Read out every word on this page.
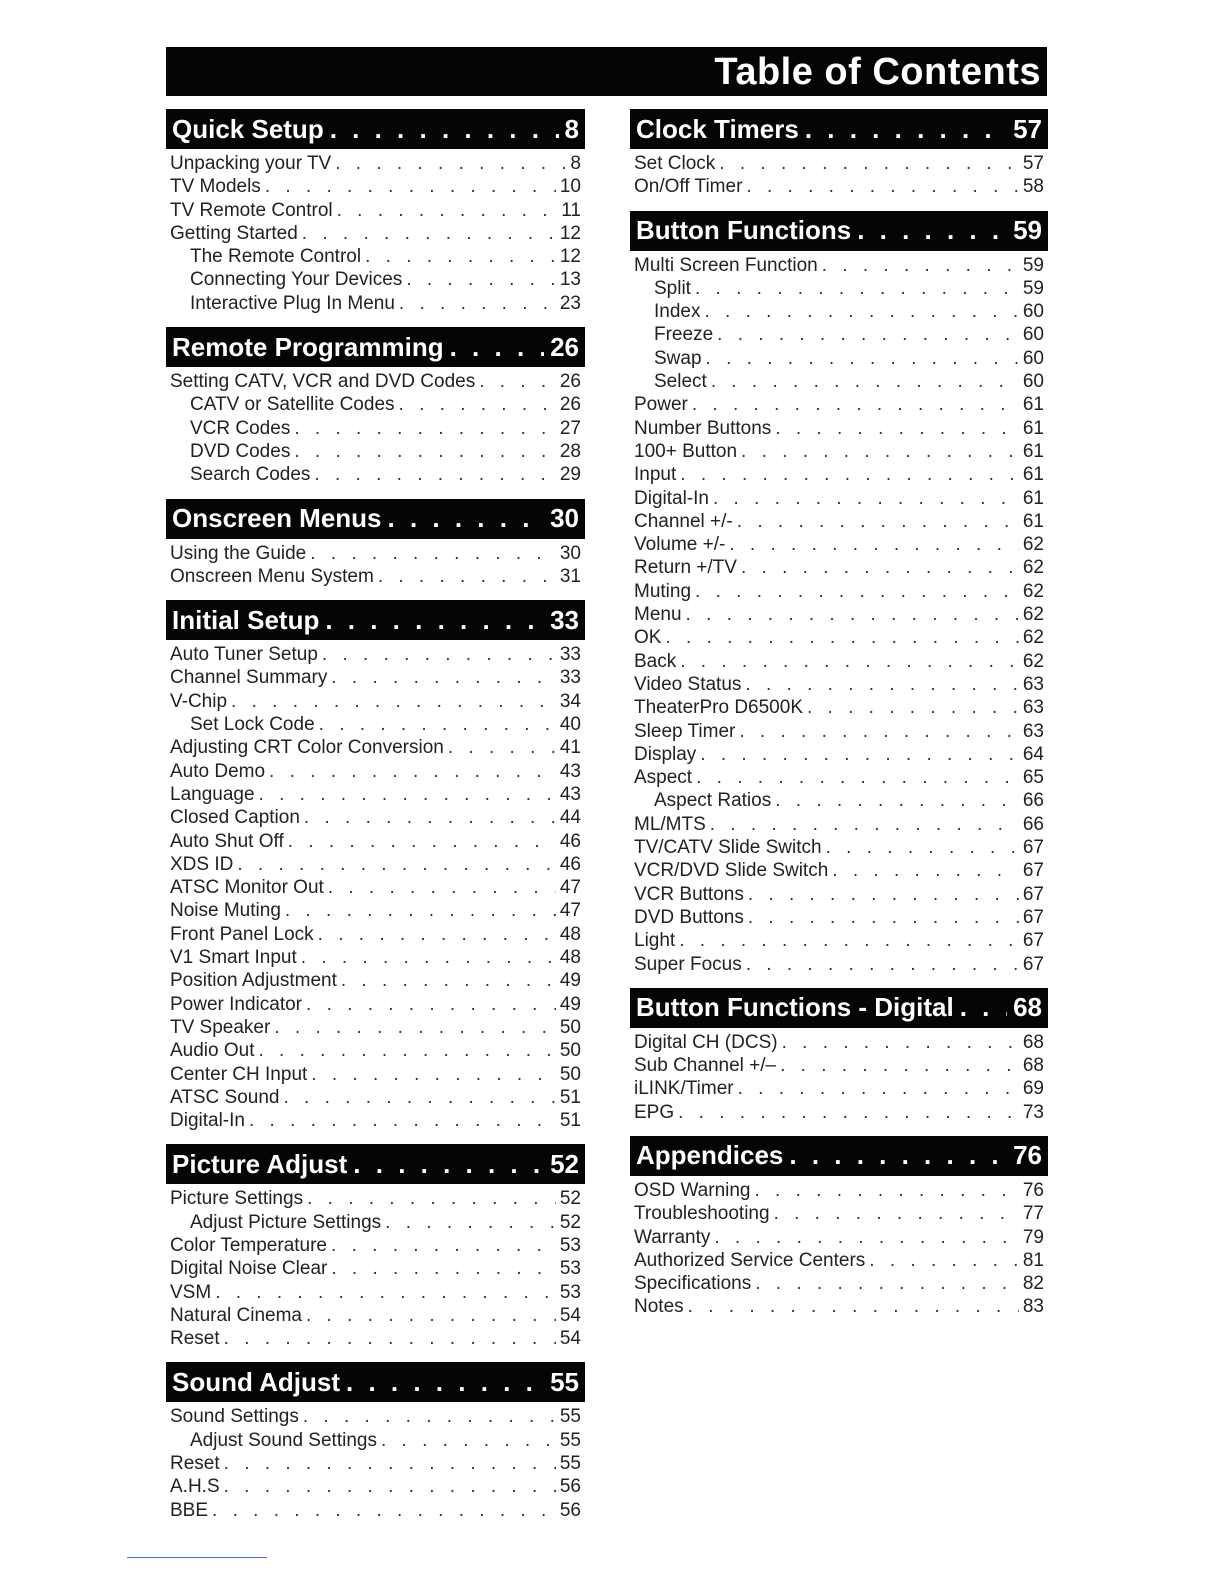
Table of Contents
Quick Setup . . .	8
Unpacking your TV . . .	8
TV Models . . .	10
TV Remote Control . . .	11
Getting Started . . .	12
The Remote Control . . .	12
Connecting Your Devices . . .	13
Interactive Plug In Menu . . .	23
Remote Programming . . .	26
Setting CATV, VCR and DVD Codes . . .	26
CATV or Satellite Codes . . .	26
VCR Codes . . .	27
DVD Codes . . .	28
Search Codes . . .	29
Onscreen Menus . . .	30
Using the Guide . . .	30
Onscreen Menu System . . .	31
Initial Setup . . .	33
Auto Tuner Setup . . .	33
Channel Summary . . .	33
V-Chip . . .	34
Set Lock Code . . .	40
Adjusting CRT Color Conversion . . .	41
Auto Demo . . .	43
Language . . .	43
Closed Caption . . .	44
Auto Shut Off . . .	46
XDS ID . . .	46
ATSC Monitor Out . . .	47
Noise Muting . . .	47
Front Panel Lock . . .	48
V1 Smart Input . . .	48
Position Adjustment . . .	49
Power Indicator . . .	49
TV Speaker . . .	50
Audio Out . . .	50
Center CH Input . . .	50
ATSC Sound . . .	51
Digital-In . . .	51
Picture Adjust . . .	52
Picture Settings . . .	52
Adjust Picture Settings . . .	52
Color Temperature . . .	53
Digital Noise Clear . . .	53
VSM . . .	53
Natural Cinema . . .	54
Reset . . .	54
Sound Adjust . . .	55
Sound Settings . . .	55
Adjust Sound Settings . . .	55
Reset . . .	55
A.H.S . . .	56
BBE . . .	56
Clock Timers . . .	57
Set Clock . . .	57
On/Off Timer . . .	58
Button Functions . . .	59
Multi Screen Function . . .	59
Split . . .	59
Index . . .	60
Freeze . . .	60
Swap . . .	60
Select . . .	60
Power . . .	61
Number Buttons . . .	61
100+ Button . . .	61
Input . . .	61
Digital-In . . .	61
Channel +/- . . .	61
Volume +/- . . .	62
Return +/TV . . .	62
Muting . . .	62
Menu . . .	62
OK . . .	62
Back . . .	62
Video Status . . .	63
TheaterPro D6500K . . .	63
Sleep Timer . . .	63
Display . . .	64
Aspect . . .	65
Aspect Ratios . . .	66
ML/MTS . . .	66
TV/CATV Slide Switch . . .	67
VCR/DVD Slide Switch . . .	67
VCR Buttons . . .	67
DVD Buttons . . .	67
Light . . .	67
Super Focus . . .	67
Button Functions - Digital . . . 68
Digital CH (DCS) . . .	68
Sub Channel +/– . . .	68
iLINK/Timer . . .	69
EPG . . .	73
Appendices . . .	76
OSD Warning . . .	76
Troubleshooting . . .	77
Warranty . . .	79
Authorized Service Centers . . .	81
Specifications . . .	82
Notes . . .	83
